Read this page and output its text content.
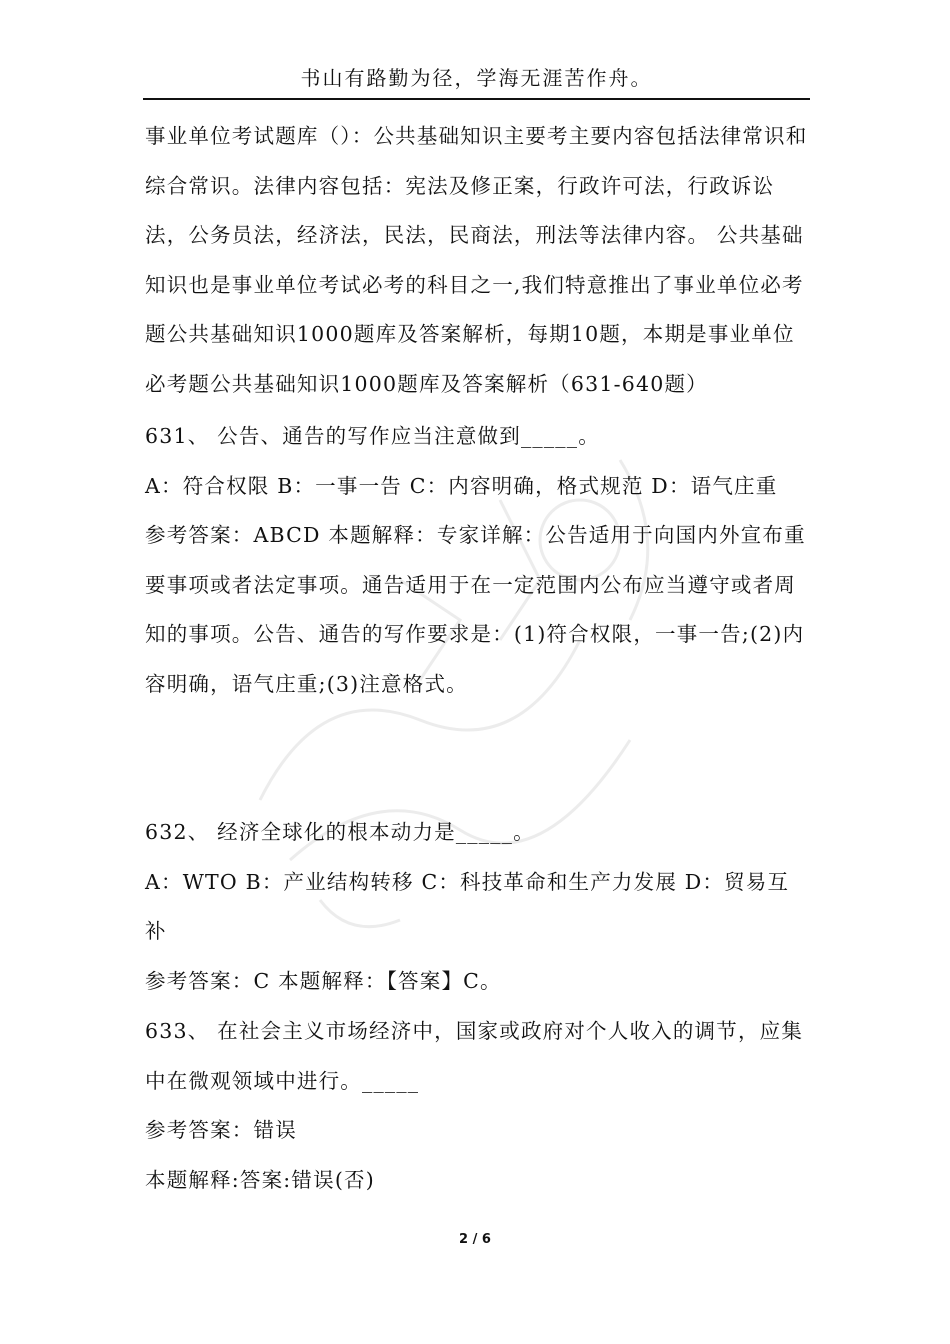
书山有路勤为径，学海无涯苦作舟。

事业单位考试题库（）：公共基础知识主要考主要内容包括法律常识和综合常识。法律内容包括：宪法及修正案，行政许可法，行政诉讼法，公务员法，经济法，民法，民商法，刑法等法律内容。 公共基础知识也是事业单位考试必考的科目之一,我们特意推出了事业单位必考题公共基础知识1000题库及答案解析，每期10题，本期是事业单位必考题公共基础知识1000题库及答案解析（631-640题）

631、 公告、通告的写作应当注意做到_____。

A：符合权限 B：一事一告 C：内容明确，格式规范 D：语气庄重

参考答案：ABCD 本题解释：专家详解：公告适用于向国内外宣布重要事项或者法定事项。通告适用于在一定范围内公布应当遵守或者周知的事项。公告、通告的写作要求是：(1)符合权限，一事一告;(2)内容明确，语气庄重;(3)注意格式。

632、 经济全球化的根本动力是_____。

A：WTO B：产业结构转移 C：科技革命和生产力发展 D：贸易互补

参考答案：C 本题解释：【答案】C。

633、 在社会主义市场经济中，国家或政府对个人收入的调节，应集中在微观领域中进行。_____

参考答案：错误

本题解释:答案:错误(否)

2 / 6
